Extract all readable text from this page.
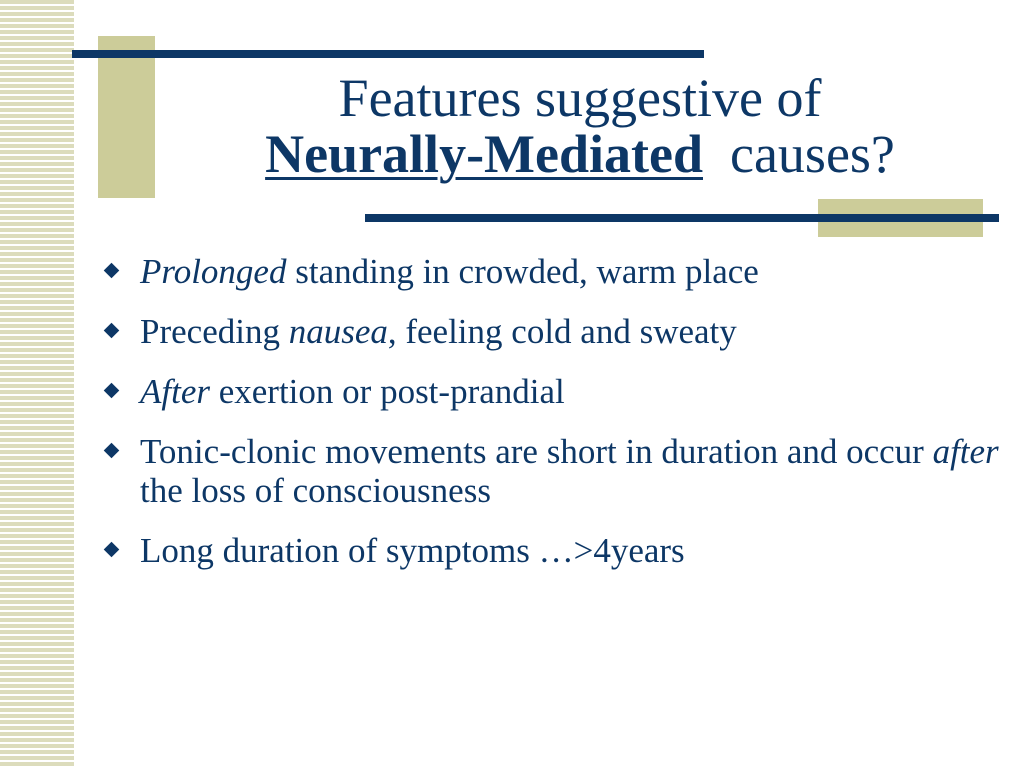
Features suggestive of
Neurally-Mediated causes?
Prolonged standing in crowded, warm place
Preceding nausea, feeling cold and sweaty
After exertion or post-prandial
Tonic-clonic movements are short in duration and occur after the loss of consciousness
Long duration of symptoms …>4years
